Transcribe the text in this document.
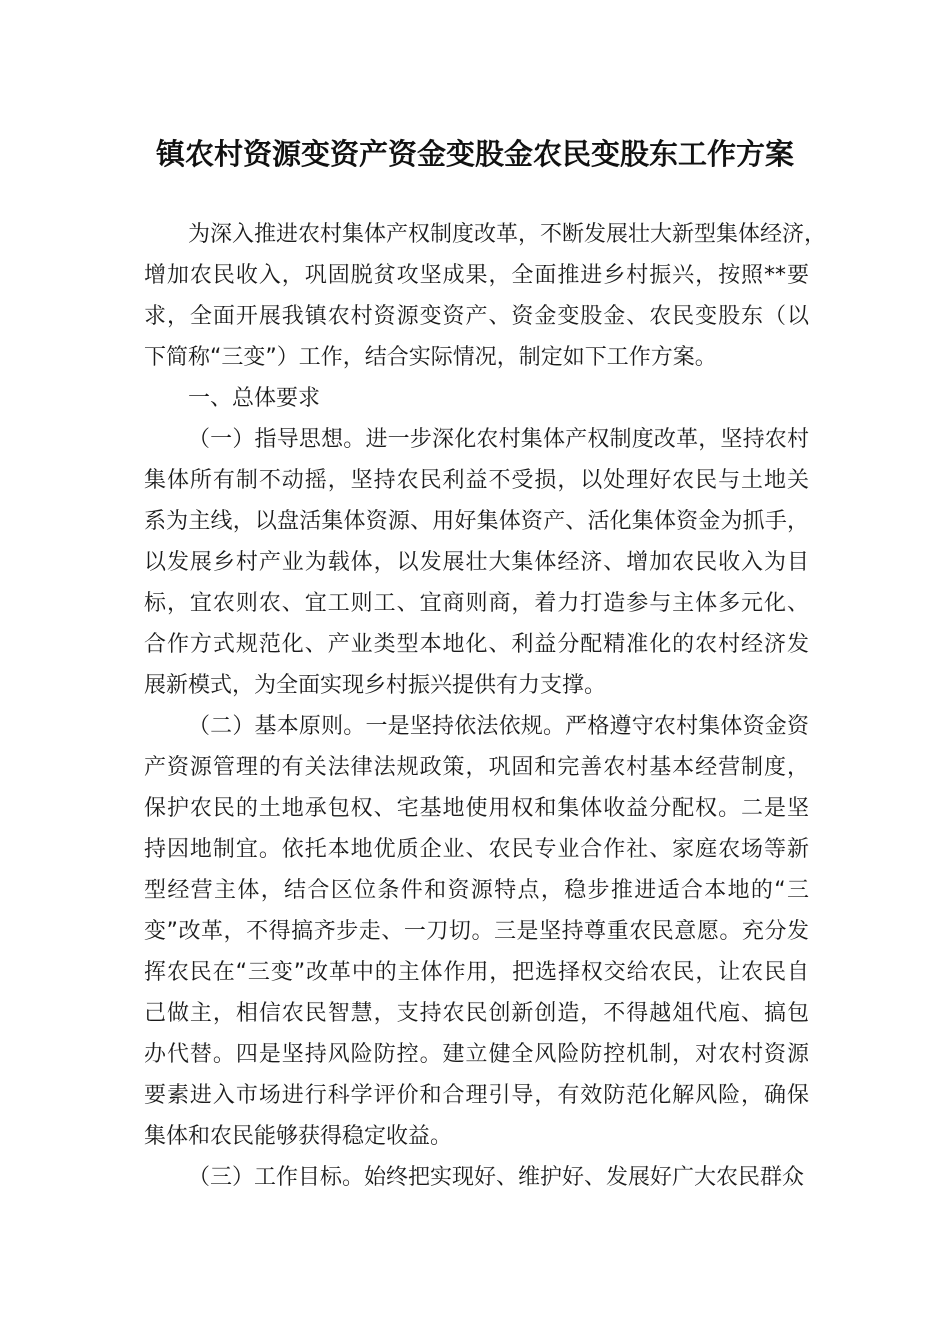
镇农村资源变资产资金变股金农民变股东工作方案
为深入推进农村集体产权制度改革，不断发展壮大新型集体经济，
增加农民收入，巩固脱贫攻坚成果，全面推进乡村振兴，按照**要
求，全面开展我镇农村资源变资产、资金变股金、农民变股东（以
下简称“三变”）工作，结合实际情况，制定如下工作方案。
一、总体要求
（一）指导思想。进一步深化农村集体产权制度改革，坚持农村
集体所有制不动摇，坚持农民利益不受损，以处理好农民与土地关
系为主线，以盘活集体资源、用好集体资产、活化集体资金为抓手，
以发展乡村产业为载体，以发展壮大集体经济、增加农民收入为目
标，宜农则农、宜工则工、宜商则商，着力打造参与主体多元化、
合作方式规范化、产业类型本地化、利益分配精准化的农村经济发
展新模式，为全面实现乡村振兴提供有力支撑。
（二）基本原则。一是坚持依法依规。严格遵守农村集体资金资
产资源管理的有关法律法规政策，巩固和完善农村基本经营制度，
保护农民的土地承包权、宅基地使用权和集体收益分配权。二是坚
持因地制宜。依托本地优质企业、农民专业合作社、家庭农场等新
型经营主体，结合区位条件和资源特点，稳步推进适合本地的“三
变”改革，不得搞齐步走、一刀切。三是坚持尊重农民意愿。充分发
挥农民在“三变”改革中的主体作用，把选择权交给农民，让农民自
己做主，相信农民智慧，支持农民创新创造，不得越俎代庖、搞包
办代替。四是坚持风险防控。建立健全风险防控机制，对农村资源
要素进入市场进行科学评价和合理引导，有效防范化解风险，确保
集体和农民能够获得稳定收益。
（三）工作目标。始终把实现好、维护好、发展好广大农民群众
